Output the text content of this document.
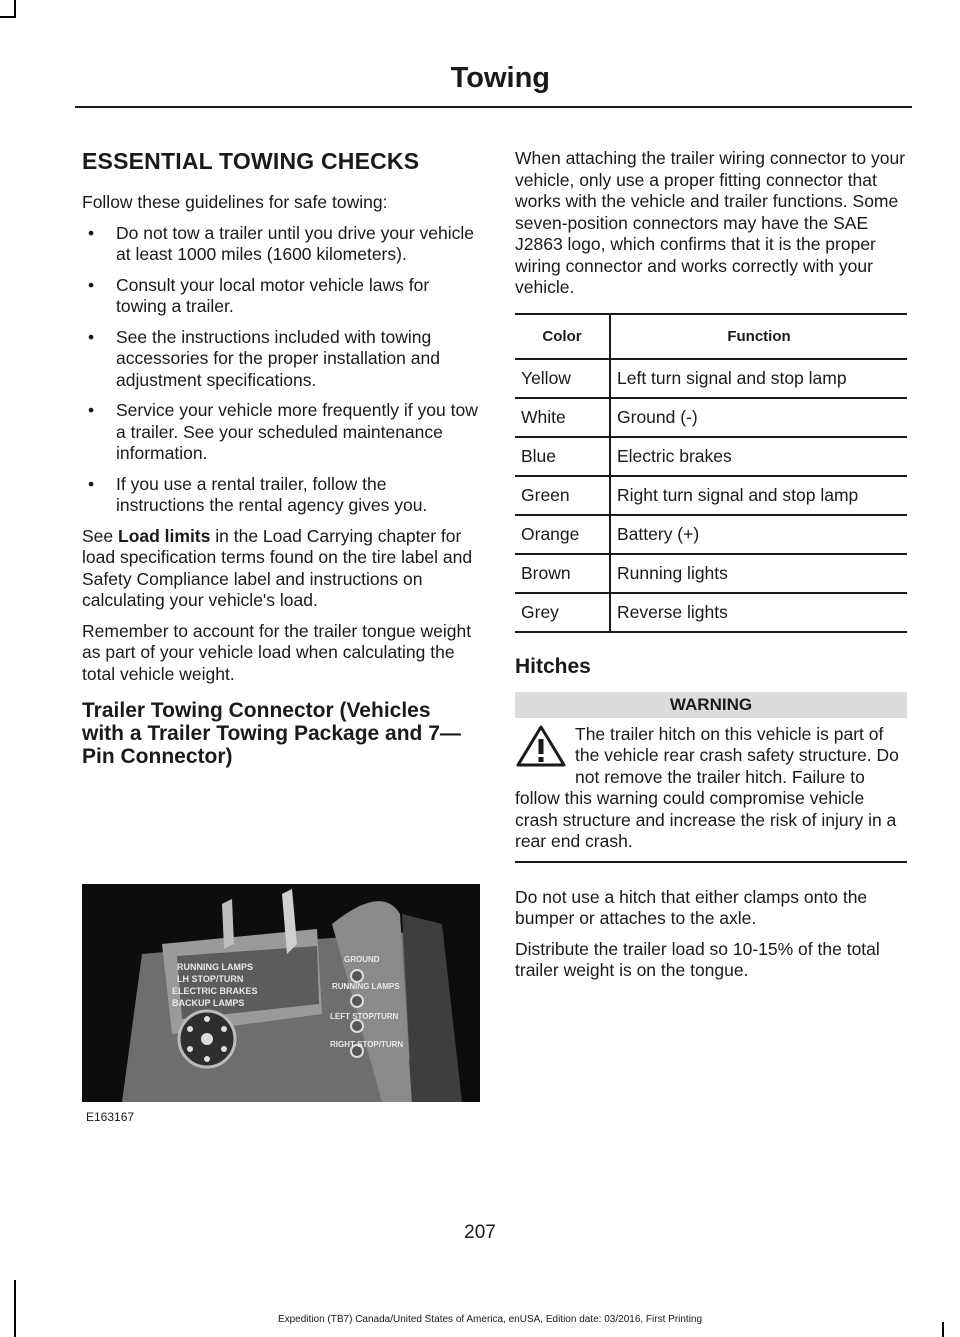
Towing
ESSENTIAL TOWING CHECKS

Follow these guidelines for safe towing:

• Do not tow a trailer until you drive your vehicle at least 1000 miles (1600 kilometers).
• Consult your local motor vehicle laws for towing a trailer.
• See the instructions included with towing accessories for the proper installation and adjustment specifications.
• Service your vehicle more frequently if you tow a trailer. See your scheduled maintenance information.
• If you use a rental trailer, follow the instructions the rental agency gives you.

See Load limits in the Load Carrying chapter for load specification terms found on the tire label and Safety Compliance label and instructions on calculating your vehicle's load.

Remember to account for the trailer tongue weight as part of your vehicle load when calculating the total vehicle weight.

Trailer Towing Connector (Vehicles with a Trailer Towing Package and 7—Pin Connector)
GROUND
RUNNING LAMPS
LEFT STOP/TURN
RIGHT STOP/TURN
ELECTRIC BRAKES
BACKUP LAMPS
LH STOP/TURN
RUNNING LAMPS
E163167

When attaching the trailer wiring connector to your vehicle, only use a proper fitting connector that works with the vehicle and trailer functions. Some seven-position connectors may have the SAE J2863 logo, which confirms that it is the proper wiring connector and works correctly with your vehicle.

Color	Function
Yellow	Left turn signal and stop lamp
White	Ground (-)
Blue	Electric brakes
Green	Right turn signal and stop lamp
Orange	Battery (+)
Brown	Running lights
Grey	Reverse lights
Hitches
WARNING
The trailer hitch on this vehicle is part of the vehicle rear crash safety structure. Do not remove the trailer hitch. Failure to follow this warning could compromise vehicle crash structure and increase the risk of injury in a rear end crash.

Do not use a hitch that either clamps onto the bumper or attaches to the axle.

Distribute the trailer load so 10-15% of the total trailer weight is on the tongue.

207
Expedition (TB7) Canada/United States of America, enUSA, Edition date: 03/2016, First Printing
